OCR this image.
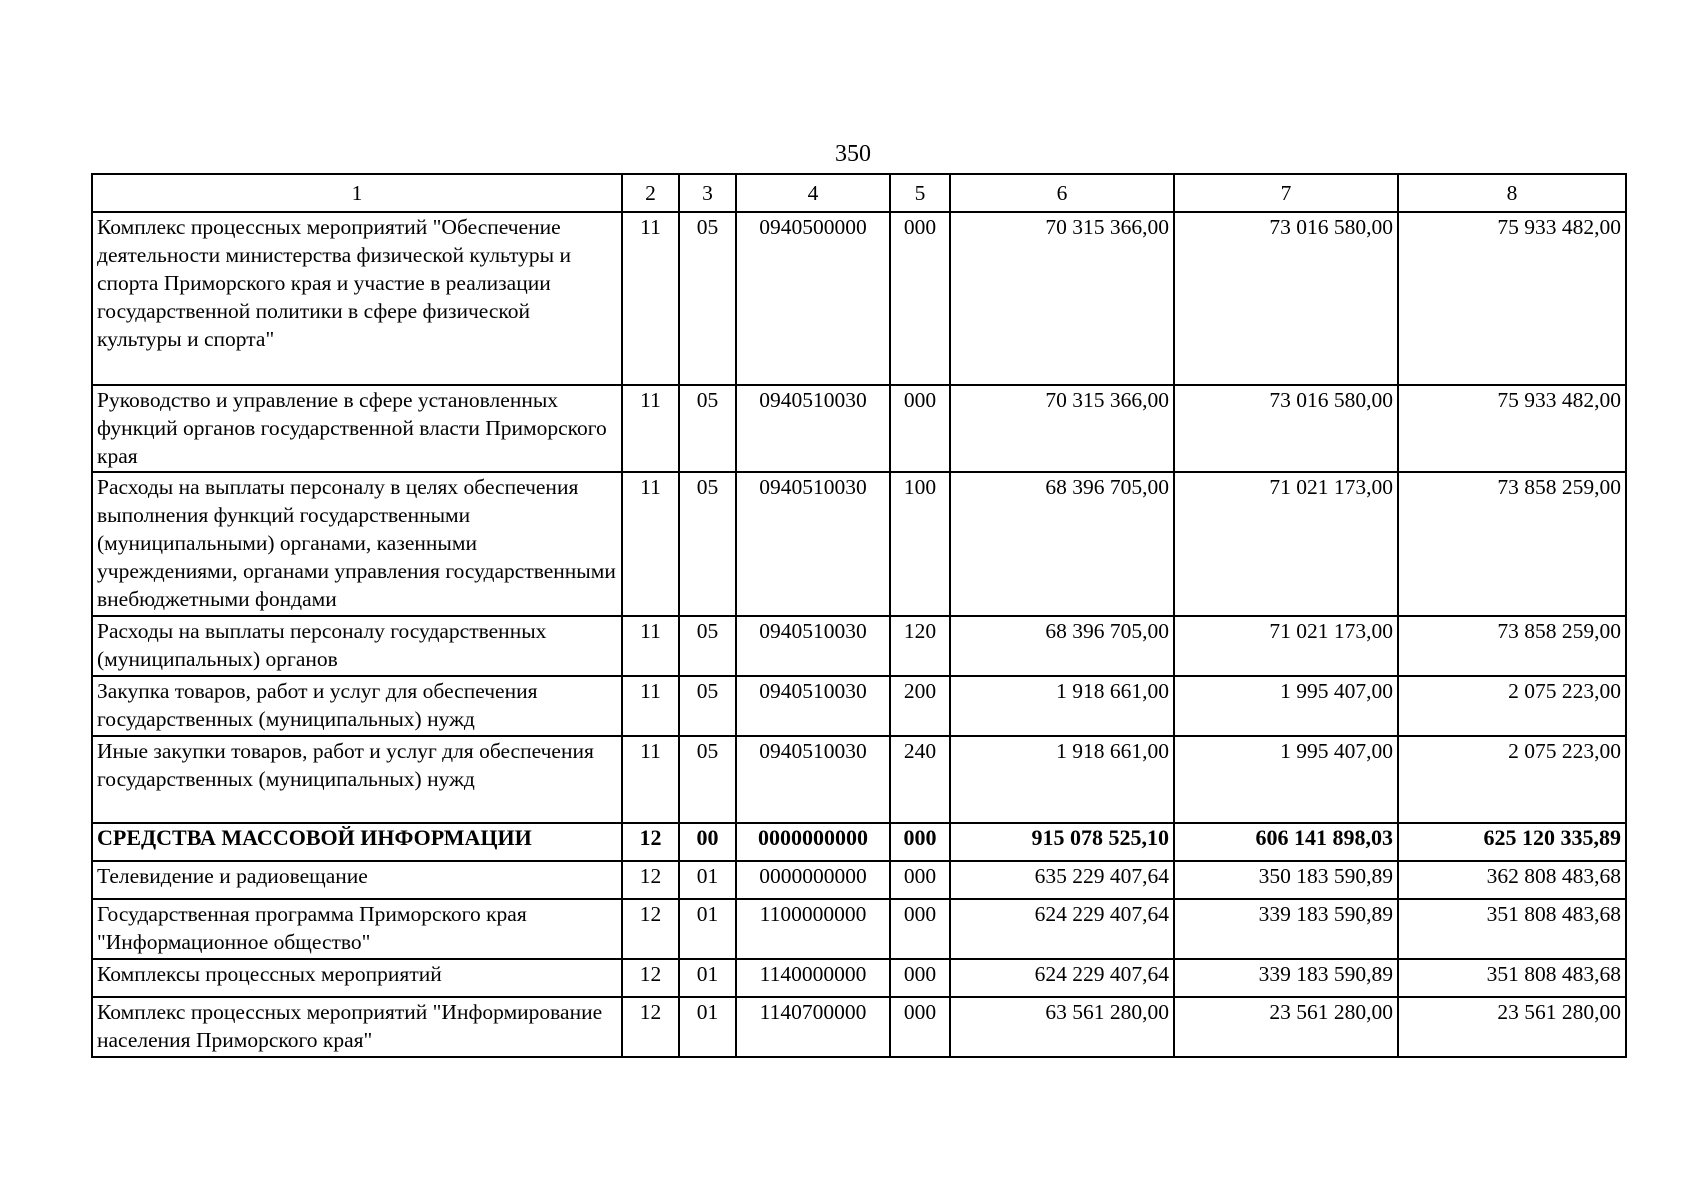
350
1	2	3	4	5	6	7	8
Комплекс процессных мероприятий "Обеспечение деятельности министерства физической культуры и спорта Приморского края и участие в реализации государственной политики в сфере физической культуры и спорта"	11	05	0940500000	000	70 315 366,00	73 016 580,00	75 933 482,00
Руководство и управление в сфере установленных функций органов государственной власти Приморского края	11	05	0940510030	000	70 315 366,00	73 016 580,00	75 933 482,00
Расходы на выплаты персоналу в целях обеспечения выполнения функций государственными (муниципальными) органами, казенными учреждениями, органами управления государственными внебюджетными фондами	11	05	0940510030	100	68 396 705,00	71 021 173,00	73 858 259,00
Расходы на выплаты персоналу государственных (муниципальных) органов	11	05	0940510030	120	68 396 705,00	71 021 173,00	73 858 259,00
Закупка товаров, работ и услуг для обеспечения государственных (муниципальных) нужд	11	05	0940510030	200	1 918 661,00	1 995 407,00	2 075 223,00
Иные закупки товаров, работ и услуг для обеспечения государственных (муниципальных) нужд	11	05	0940510030	240	1 918 661,00	1 995 407,00	2 075 223,00
СРЕДСТВА МАССОВОЙ ИНФОРМАЦИИ	12	00	0000000000	000	915 078 525,10	606 141 898,03	625 120 335,89
Телевидение и радиовещание	12	01	0000000000	000	635 229 407,64	350 183 590,89	362 808 483,68
Государственная программа Приморского края "Информационное общество"	12	01	1100000000	000	624 229 407,64	339 183 590,89	351 808 483,68
Комплексы процессных мероприятий	12	01	1140000000	000	624 229 407,64	339 183 590,89	351 808 483,68
Комплекс процессных мероприятий "Информирование населения Приморского края"	12	01	1140700000	000	63 561 280,00	23 561 280,00	23 561 280,00
